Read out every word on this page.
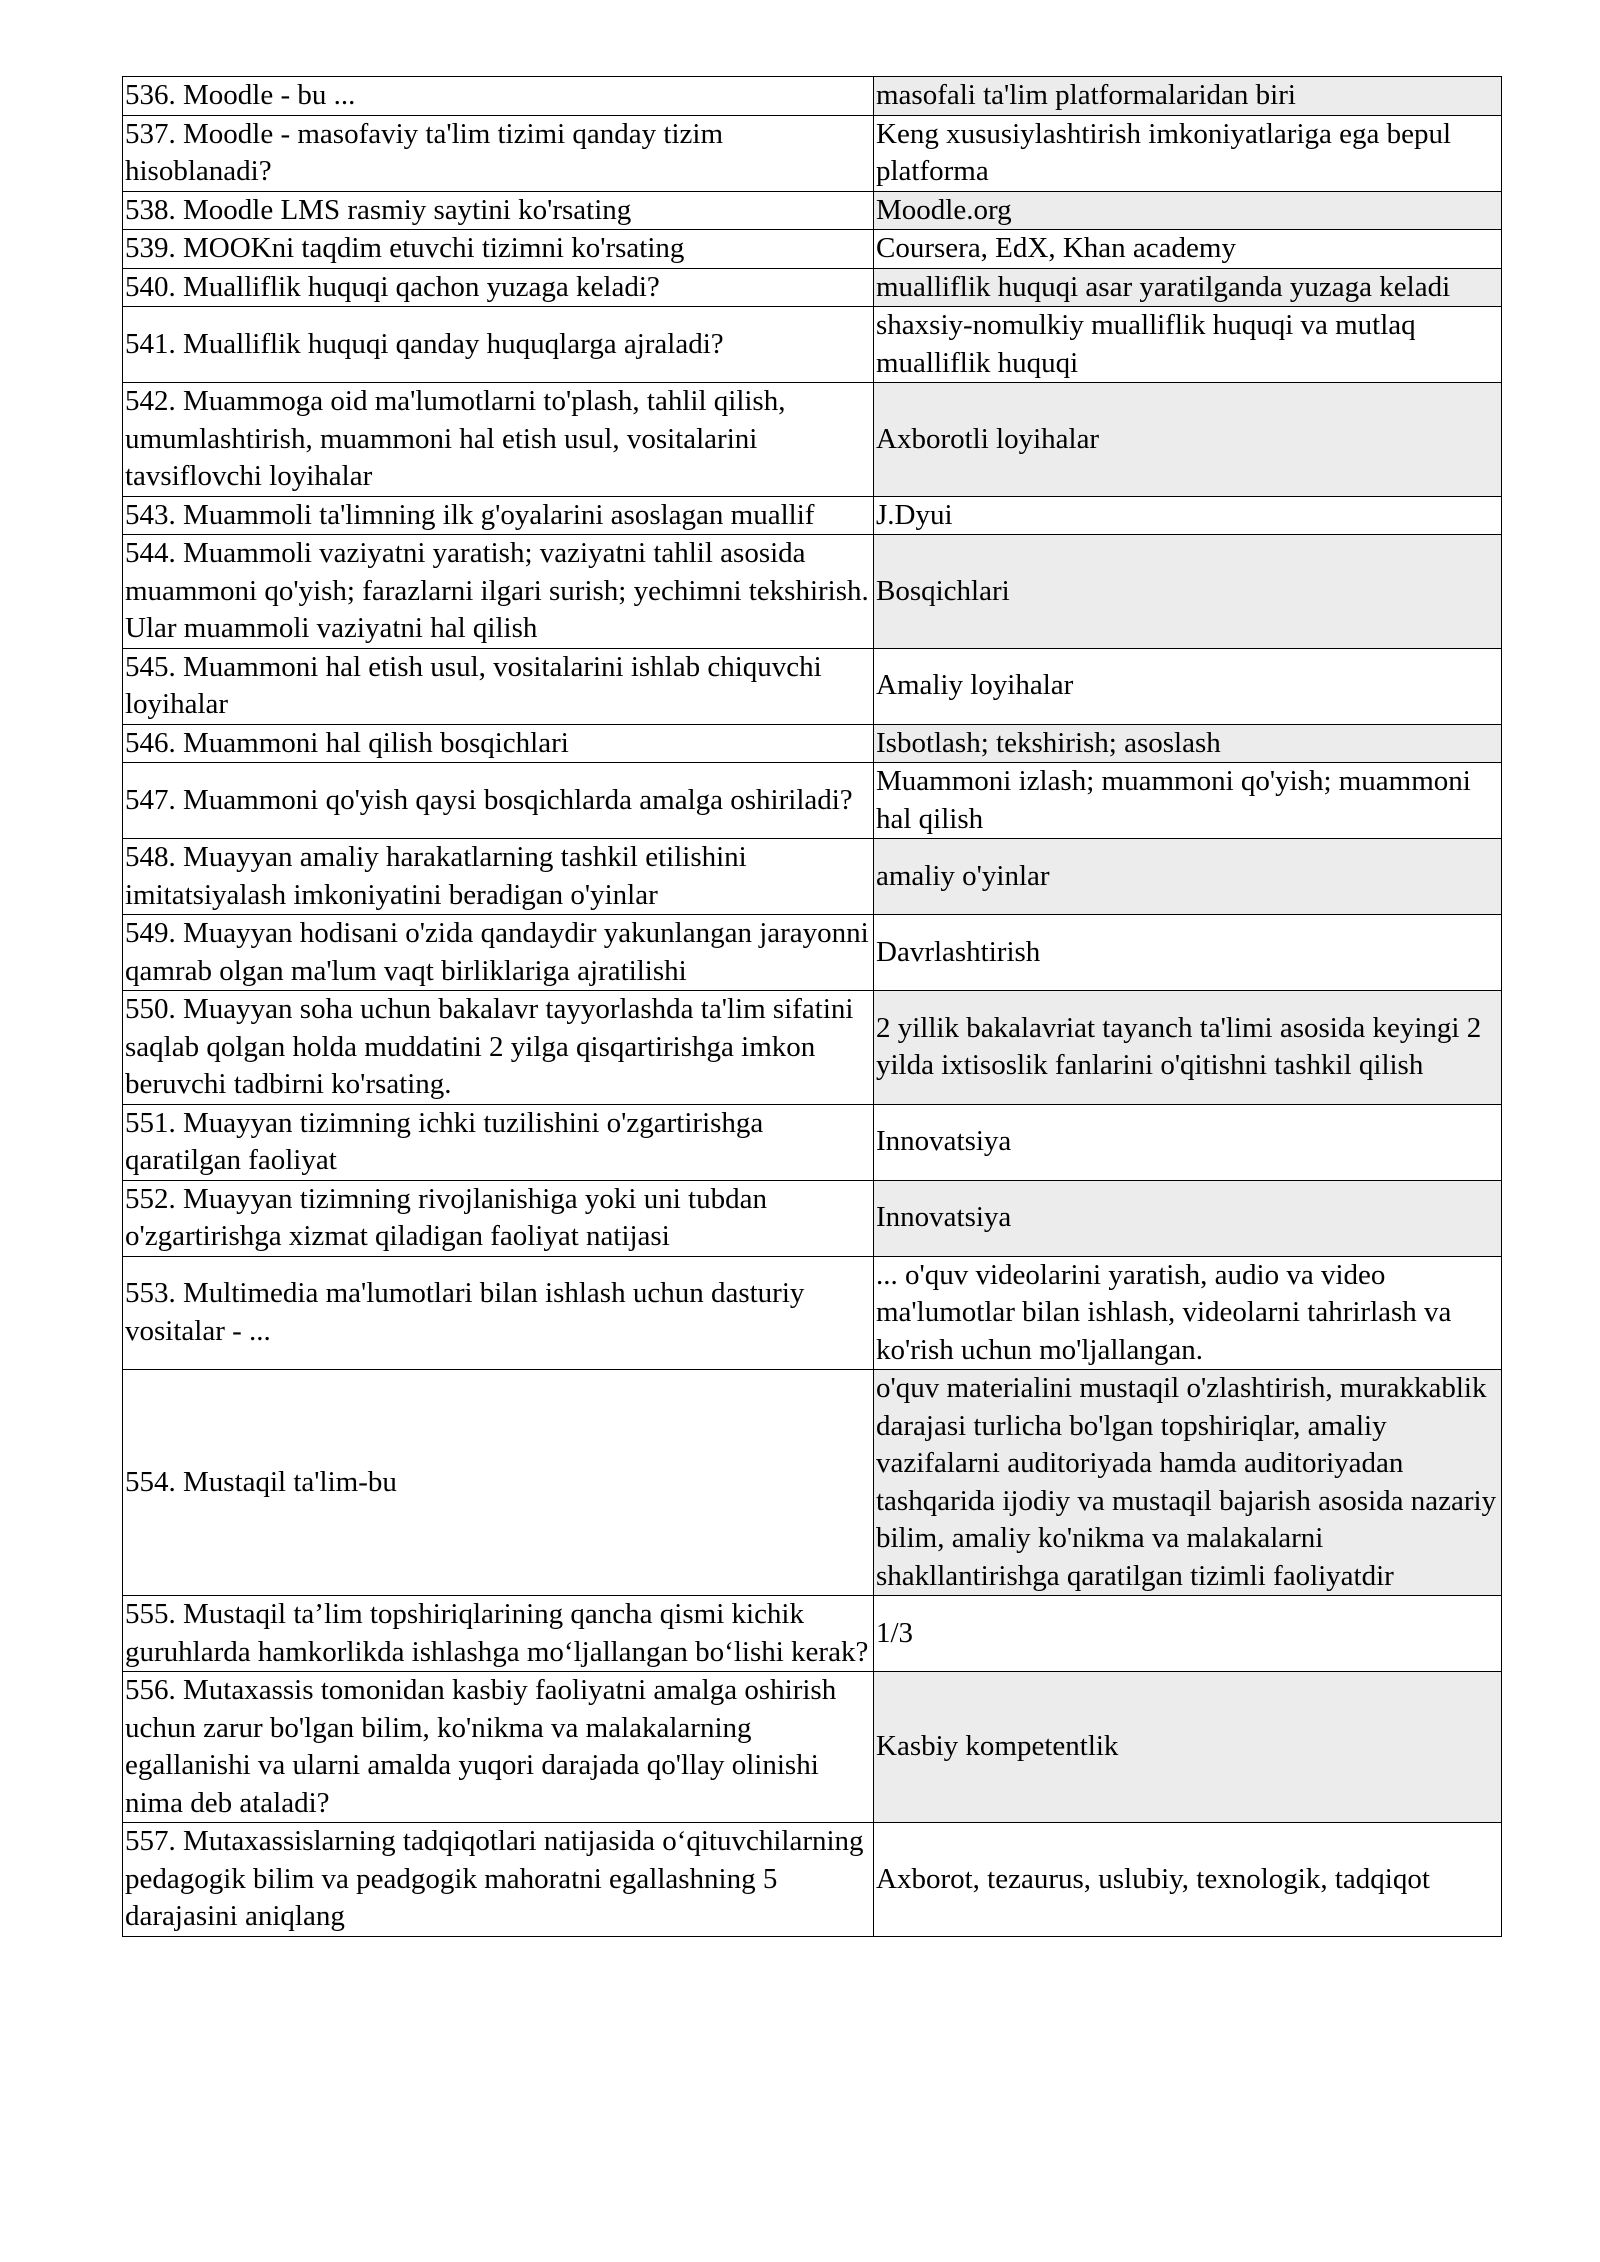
536. Moodle - bu ...	masofali ta'lim platformalaridan biri
537. Moodle - masofaviy ta'lim tizimi qanday tizim hisoblanadi?	Keng xususiylashtirish imkoniyatlariga ega bepul platforma
538. Moodle LMS rasmiy saytini ko'rsating	Moodle.org
539. MOOKni taqdim etuvchi tizimni ko'rsating	Coursera, EdX, Khan academy
540. Mualliflik huquqi qachon yuzaga keladi?	mualliflik huquqi asar yaratilganda yuzaga keladi
541. Mualliflik huquqi qanday huquqlarga ajraladi?	shaxsiy-nomulkiy mualliflik huquqi va mutlaq mualliflik huquqi
542. Muammoga oid ma'lumotlarni to'plash, tahlil qilish, umumlashtirish, muammoni hal etish usul, vositalarini tavsiflovchi loyihalar	Axborotli loyihalar
543. Muammoli ta'limning ilk g'oyalarini asoslagan muallif	J.Dyui
544. Muammoli vaziyatni yaratish; vaziyatni tahlil asosida muammoni qo'yish; farazlarni ilgari surish; yechimni tekshirish. Ular muammoli vaziyatni hal qilish	Bosqichlari
545. Muammoni hal etish usul, vositalarini ishlab chiquvchi loyihalar	Amaliy loyihalar
546. Muammoni hal qilish bosqichlari	Isbotlash; tekshirish; asoslash
547. Muammoni qo'yish qaysi bosqichlarda amalga oshiriladi?	Muammoni izlash; muammoni qo'yish; muammoni hal qilish
548. Muayyan amaliy harakatlarning tashkil etilishini imitatsiyalash imkoniyatini beradigan o'yinlar	amaliy o'yinlar
549. Muayyan hodisani o'zida qandaydir yakunlangan jarayonni qamrab olgan ma'lum vaqt birliklariga ajratilishi	Davrlashtirish
550. Muayyan soha uchun bakalavr tayyorlashda ta'lim sifatini saqlab qolgan holda muddatini 2 yilga qisqartirishga imkon beruvchi tadbirni ko'rsating.	2 yillik bakalavriat tayanch ta'limi asosida keyingi 2 yilda ixtisoslik fanlarini o'qitishni tashkil qilish
551. Muayyan tizimning ichki tuzilishini o'zgartirishga qaratilgan faoliyat	Innovatsiya
552. Muayyan tizimning rivojlanishiga yoki uni tubdan o'zgartirishga xizmat qiladigan faoliyat natijasi	Innovatsiya
553. Multimedia ma'lumotlari bilan ishlash uchun dasturiy vositalar - ...	... o'quv videolarini yaratish, audio va video ma'lumotlar bilan ishlash, videolarni tahrirlash va ko'rish uchun mo'ljallangan.
554. Mustaqil ta'lim-bu	o'quv materialini mustaqil o'zlashtirish, murakkablik darajasi turlicha bo'lgan topshiriqlar, amaliy vazifalarni auditoriyada hamda auditoriyadan tashqarida ijodiy va mustaqil bajarish asosida nazariy bilim, amaliy ko'nikma va malakalarni shakllantirishga qaratilgan tizimli faoliyatdir
555. Mustaqil ta’lim topshiriqlarining qancha qismi kichik guruhlarda hamkorlikda ishlashga mo‘ljallangan bo‘lishi kerak?	1/3
556. Mutaxassis tomonidan kasbiy faoliyatni amalga oshirish uchun zarur bo'lgan bilim, ko'nikma va malakalarning egallanishi va ularni amalda yuqori darajada qo'llay olinishi nima deb ataladi?	Kasbiy kompetentlik
557. Mutaxassislarning tadqiqotlari natijasida o‘qituvchilarning pedagogik bilim va peadgogik mahoratni egallashning 5 darajasini aniqlang	Axborot, tezaurus, uslubiy, texnologik, tadqiqot
